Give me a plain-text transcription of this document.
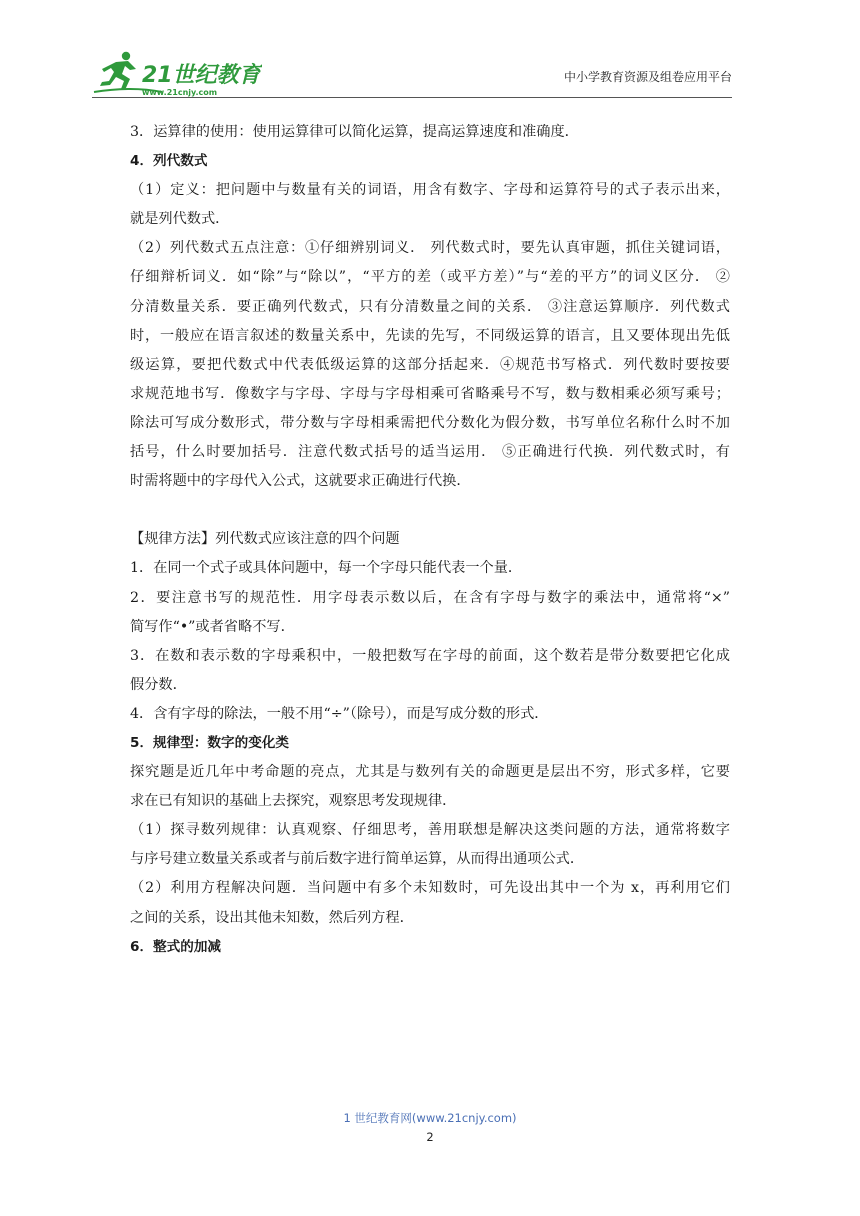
21世纪教育
www.21cnjy.com
中小学教育资源及组卷应用平台
3．运算律的使用：使用运算律可以简化运算，提高运算速度和准确度．
4．列代数式
（1）定义：把问题中与数量有关的词语，用含有数字、字母和运算符号的式子表示出来，
就是列代数式．
（2）列代数式五点注意：①仔细辨别词义． 列代数式时，要先认真审题，抓住关键词语，
仔细辩析词义．如“除”与“除以”，“平方的差（或平方差）”与“差的平方”的词义区分． ②
分清数量关系．要正确列代数式，只有分清数量之间的关系． ③注意运算顺序．列代数式
时，一般应在语言叙述的数量关系中，先读的先写，不同级运算的语言，且又要体现出先低
级运算，要把代数式中代表低级运算的这部分括起来．④规范书写格式．列代数时要按要
求规范地书写．像数字与字母、字母与字母相乘可省略乘号不写，数与数相乘必须写乘号；
除法可写成分数形式，带分数与字母相乘需把代分数化为假分数，书写单位名称什么时不加
括号，什么时要加括号．注意代数式括号的适当运用． ⑤正确进行代换．列代数式时，有
时需将题中的字母代入公式，这就要求正确进行代换．
【规律方法】列代数式应该注意的四个问题
1．在同一个式子或具体问题中，每一个字母只能代表一个量．
2．要注意书写的规范性．用字母表示数以后，在含有字母与数字的乘法中，通常将“×”
简写作“•”或者省略不写．
3．在数和表示数的字母乘积中，一般把数写在字母的前面，这个数若是带分数要把它化成
假分数．
4．含有字母的除法，一般不用“÷”（除号），而是写成分数的形式．
5．规律型：数字的变化类
探究题是近几年中考命题的亮点，尤其是与数列有关的命题更是层出不穷，形式多样，它要
求在已有知识的基础上去探究，观察思考发现规律．
（1）探寻数列规律：认真观察、仔细思考，善用联想是解决这类问题的方法，通常将数字
与序号建立数量关系或者与前后数字进行简单运算，从而得出通项公式．
（2）利用方程解决问题．当问题中有多个未知数时，可先设出其中一个为 x，再利用它们
之间的关系，设出其他未知数，然后列方程．
6．整式的加减
1 世纪教育网(www.21cnjy.com)
2
